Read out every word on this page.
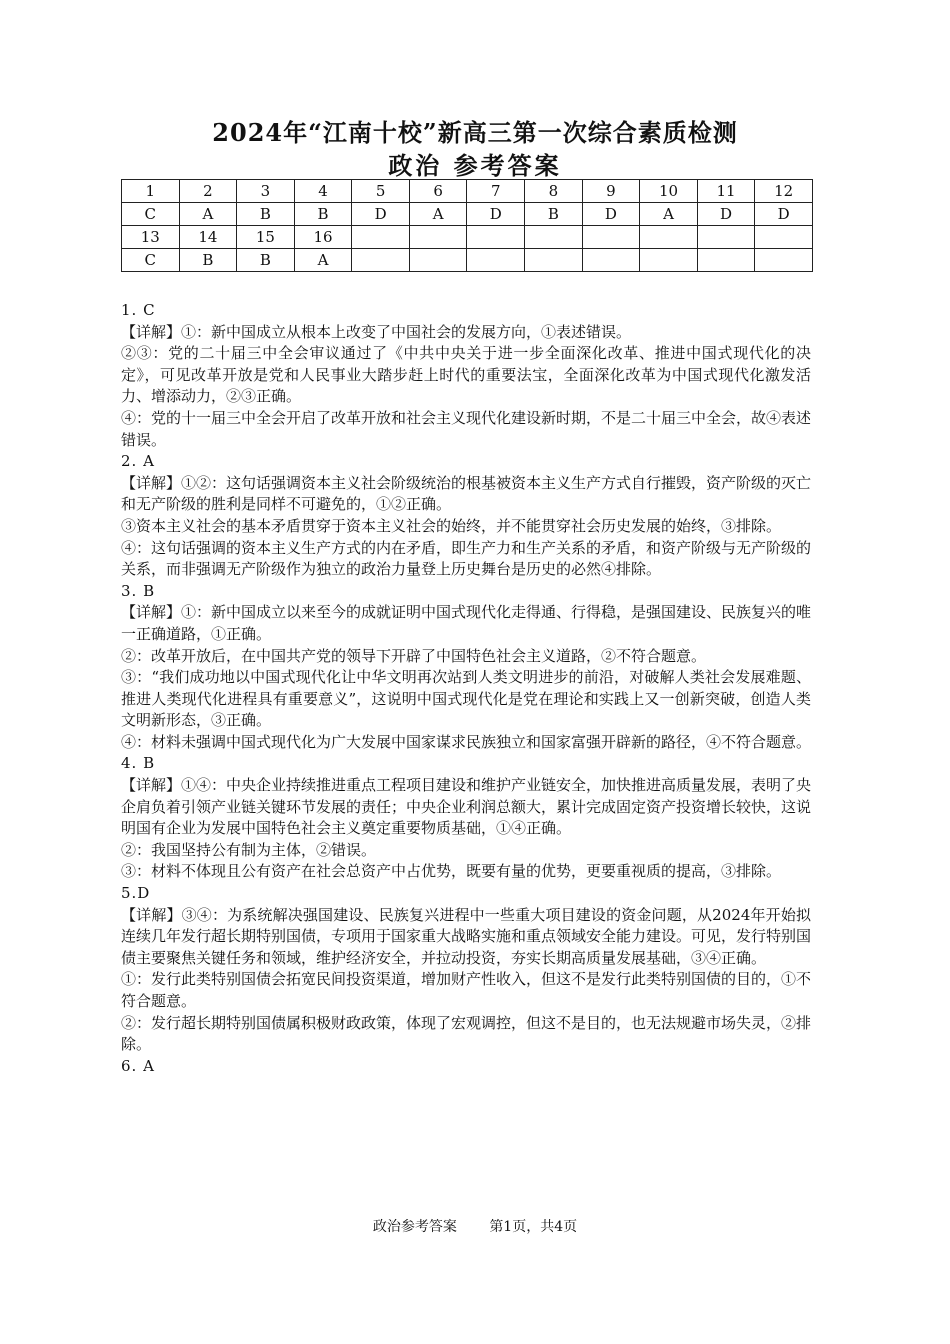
2024年“江南十校”新高三第一次综合素质检测
政治 参考答案
1	2	3	4	5	6	7	8	9	10	11	12
C	A	B	B	D	A	D	B	D	A	D	D
13	14	15	16								
C	B	B	A								

1. C

【详解】①：新中国成立从根本上改变了中国社会的发展方向，①表述错误。

②③：党的二十届三中全会审议通过了《中共中央关于进一步全面深化改革、推进中国式现代化的决定》，可见改革开放是党和人民事业大踏步赶上时代的重要法宝，全面深化改革为中国式现代化激发活力、增添动力，②③正确。

④：党的十一届三中全会开启了改革开放和社会主义现代化建设新时期，不是二十届三中全会，故④表述错误。

2. A

【详解】①②：这句话强调资本主义社会阶级统治的根基被资本主义生产方式自行摧毁，资产阶级的灭亡和无产阶级的胜利是同样不可避免的，①②正确。

③资本主义社会的基本矛盾贯穿于资本主义社会的始终，并不能贯穿社会历史发展的始终，③排除。

④：这句话强调的资本主义生产方式的内在矛盾，即生产力和生产关系的矛盾，和资产阶级与无产阶级的关系，而非强调无产阶级作为独立的政治力量登上历史舞台是历史的必然④排除。

3. B

【详解】①：新中国成立以来至今的成就证明中国式现代化走得通、行得稳，是强国建设、民族复兴的唯一正确道路，①正确。

②：改革开放后，在中国共产党的领导下开辟了中国特色社会主义道路，②不符合题意。

③：“我们成功地以中国式现代化让中华文明再次站到人类文明进步的前沿，对破解人类社会发展难题、推进人类现代化进程具有重要意义”，这说明中国式现代化是党在理论和实践上又一创新突破，创造人类文明新形态，③正确。

④：材料未强调中国式现代化为广大发展中国家谋求民族独立和国家富强开辟新的路径，④不符合题意。

4. B

【详解】①④：中央企业持续推进重点工程项目建设和维护产业链安全，加快推进高质量发展，表明了央企肩负着引领产业链关键环节发展的责任；中央企业利润总额大，累计完成固定资产投资增长较快，这说明国有企业为发展中国特色社会主义奠定重要物质基础，①④正确。

②：我国坚持公有制为主体，②错误。

③：材料不体现且公有资产在社会总资产中占优势，既要有量的优势，更要重视质的提高，③排除。

5.D

【详解】③④：为系统解决强国建设、民族复兴进程中一些重大项目建设的资金问题，从2024年开始拟连续几年发行超长期特别国债，专项用于国家重大战略实施和重点领域安全能力建设。可见，发行特别国债主要聚焦关键任务和领域，维护经济安全，并拉动投资，夯实长期高质量发展基础，③④正确。

①：发行此类特别国债会拓宽民间投资渠道，增加财产性收入，但这不是发行此类特别国债的目的，①不符合题意。

②：发行超长期特别国债属积极财政政策，体现了宏观调控，但这不是目的，也无法规避市场失灵，②排除。

6. A

政治参考答案 第1页，共4页
